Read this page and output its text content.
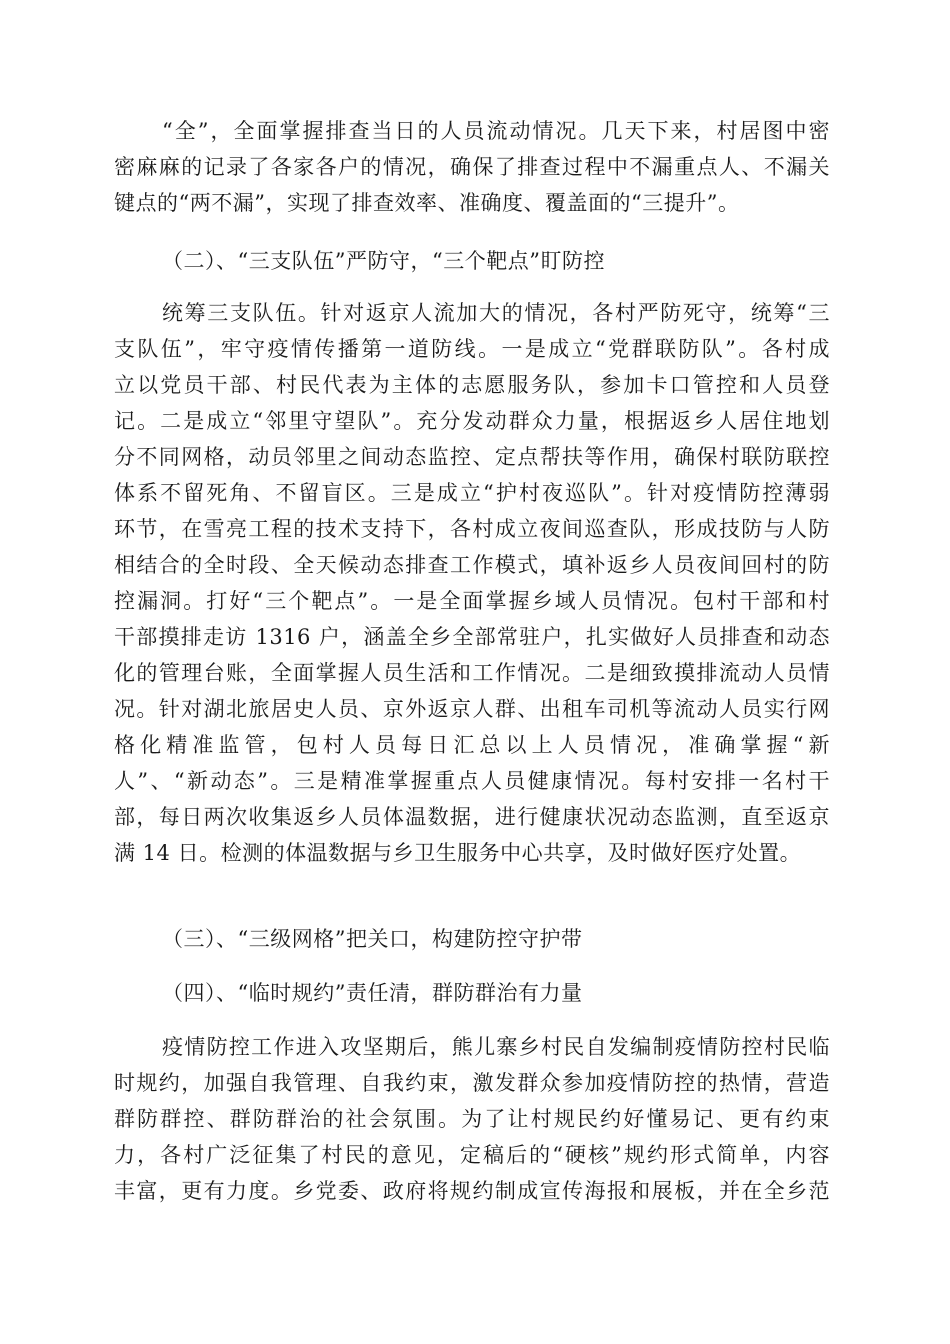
“全”，全面掌握排查当日的人员流动情况。几天下来，村居图中密
密麻麻的记录了各家各户的情况，确保了排查过程中不漏重点人、不漏关
键点的“两不漏”，实现了排查效率、准确度、覆盖面的“三提升”。
（二）、“三支队伍”严防守，“三个靶点”盯防控
统筹三支队伍。针对返京人流加大的情况，各村严防死守，统筹“三
支队伍”，牢守疫情传播第一道防线。一是成立“党群联防队”。各村成
立以党员干部、村民代表为主体的志愿服务队，参加卡口管控和人员登
记。二是成立“邻里守望队”。充分发动群众力量，根据返乡人居住地划
分不同网格，动员邻里之间动态监控、定点帮扶等作用，确保村联防联控
体系不留死角、不留盲区。三是成立“护村夜巡队”。针对疫情防控薄弱
环节，在雪亮工程的技术支持下，各村成立夜间巡查队，形成技防与人防
相结合的全时段、全天候动态排查工作模式，填补返乡人员夜间回村的防
控漏洞。打好“三个靶点”。一是全面掌握乡域人员情况。包村干部和村
干部摸排走访 1316 户，涵盖全乡全部常驻户，扎实做好人员排查和动态
化的管理台账，全面掌握人员生活和工作情况。二是细致摸排流动人员情
况。针对湖北旅居史人员、京外返京人群、出租车司机等流动人员实行网
格化精准监管，包村人员每日汇总以上人员情况，准确掌握“新
人”、“新动态”。三是精准掌握重点人员健康情况。每村安排一名村干
部，每日两次收集返乡人员体温数据，进行健康状况动态监测，直至返京
满 14 日。检测的体温数据与乡卫生服务中心共享，及时做好医疗处置。
（三）、“三级网格”把关口，构建防控守护带
（四）、“临时规约”责任清，群防群治有力量
疫情防控工作进入攻坚期后，熊儿寨乡村民自发编制疫情防控村民临
时规约，加强自我管理、自我约束，激发群众参加疫情防控的热情，营造
群防群控、群防群治的社会氛围。为了让村规民约好懂易记、更有约束
力，各村广泛征集了村民的意见，定稿后的“硬核”规约形式简单，内容
丰富，更有力度。乡党委、政府将规约制成宣传海报和展板，并在全乡范
